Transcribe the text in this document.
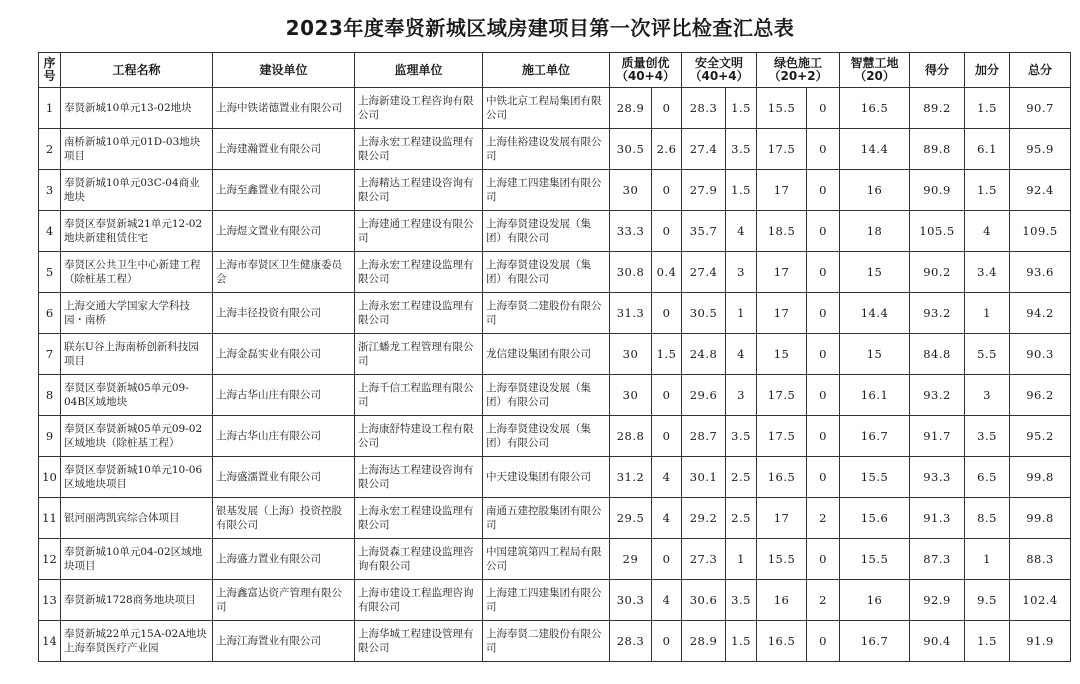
2023年度奉贤新城区域房建项目第一次评比检查汇总表
序号	工程名称	建设单位	监理单位	施工单位	质量创优（40+4）		安全文明（40+4）		绿色施工（20+2）		智慧工地（20）	得分	加分	总分
1	奉贤新城10单元13-02地块	上海中铁诺德置业有限公司	上海新建设工程咨询有限公司	中铁北京工程局集团有限公司	28.9	0	28.3	1.5	15.5	0	16.5	89.2	1.5	90.7
2	南桥新城10单元01D-03地块项目	上海建瀚置业有限公司	上海永宏工程建设监理有限公司	上海佳裕建设发展有限公司	30.5	2.6	27.4	3.5	17.5	0	14.4	89.8	6.1	95.9
3	奉贤新城10单元03C-04商业地块	上海至鑫置业有限公司	上海精达工程建设咨询有限公司	上海建工四建集团有限公司	30	0	27.9	1.5	17	0	16	90.9	1.5	92.4
4	奉贤区奉贤新城21单元12-02地块新建租赁住宅	上海煜文置业有限公司	上海建通工程建设有限公司	上海奉贤建设发展（集团）有限公司	33.3	0	35.7	4	18.5	0	18	105.5	4	109.5
5	奉贤区公共卫生中心新建工程（除桩基工程）	上海市奉贤区卫生健康委员会	上海永宏工程建设监理有限公司	上海奉贤建设发展（集团）有限公司	30.8	0.4	27.4	3	17	0	15	90.2	3.4	93.6
6	上海交通大学国家大学科技园・南桥	上海丰径投资有限公司	上海永宏工程建设监理有限公司	上海奉贤二建股份有限公司	31.3	0	30.5	1	17	0	14.4	93.2	1	94.2
7	联东U谷上海南桥创新科技园项目	上海金磊实业有限公司	浙江蟠龙工程管理有限公司	龙信建设集团有限公司	30	1.5	24.8	4	15	0	15	84.8	5.5	90.3
8	奉贤区奉贤新城05单元09-04B区域地块	上海古华山庄有限公司	上海千信工程监理有限公司	上海奉贤建设发展（集团）有限公司	30	0	29.6	3	17.5	0	16.1	93.2	3	96.2
9	奉贤区奉贤新城05单元09-02区域地块（除桩基工程）	上海古华山庄有限公司	上海康舒特建设工程有限公司	上海奉贤建设发展（集团）有限公司	28.8	0	28.7	3.5	17.5	0	16.7	91.7	3.5	95.2
10	奉贤区奉贤新城10单元10-06区域地块项目	上海盛濡置业有限公司	上海海达工程建设咨询有限公司	中天建设集团有限公司	31.2	4	30.1	2.5	16.5	0	15.5	93.3	6.5	99.8
11	银河丽湾凯宾综合体项目	银基发展（上海）投资控股有限公司	上海永宏工程建设监理有限公司	南通五建控股集团有限公司	29.5	4	29.2	2.5	17	2	15.6	91.3	8.5	99.8
12	奉贤新城10单元04-02区域地块项目	上海盛力置业有限公司	上海贤森工程建设监理咨询有限公司	中国建筑第四工程局有限公司	29	0	27.3	1	15.5	0	15.5	87.3	1	88.3
13	奉贤新城1728商务地块项目	上海鑫富达资产管理有限公司	上海市建设工程监理咨询有限公司	上海建工四建集团有限公司	30.3	4	30.6	3.5	16	2	16	92.9	9.5	102.4
14	奉贤新城22单元15A-02A地块上海奉贤医疗产业园	上海江海置业有限公司	上海华城工程建设管理有限公司	上海奉贤二建股份有限公司	28.3	0	28.9	1.5	16.5	0	16.7	90.4	1.5	91.9
